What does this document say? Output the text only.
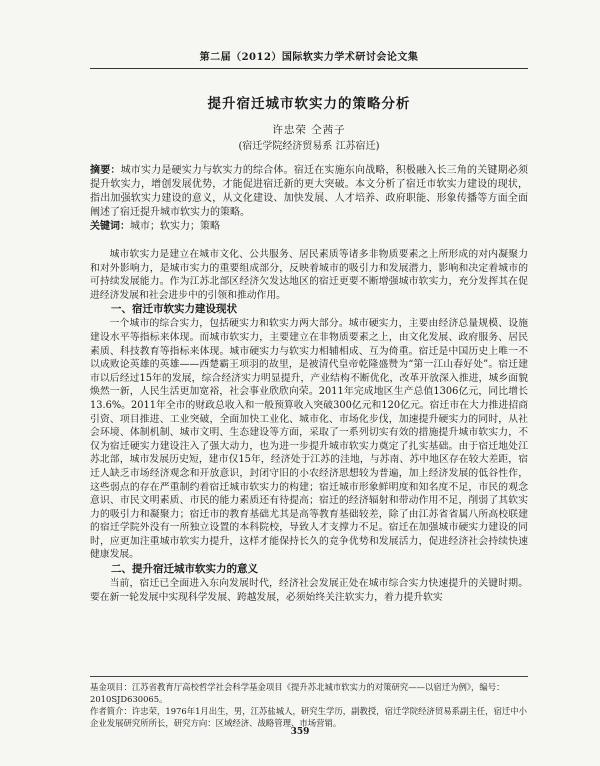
第二届（2012）国际软实力学术研讨会论文集
提升宿迁城市软实力的策略分析
许忠荣 仝茜子
(宿迁学院经济贸易系 江苏宿迁)
摘要：城市实力是硬实力与软实力的综合体。宿迁在实施东向战略，积极融入长三角的关键期必须提升软实力，增创发展优势，才能促进宿迁新的更大突破。本文分析了宿迁市软实力建设的现状，指出加强软实力建设的意义，从文化建设、加快发展、人才培养、政府职能、形象传播等方面全面阐述了宿迁提升城市软实力的策略。
关键词：城市；软实力；策略

城市软实力是建立在城市文化、公共服务、居民素质等诸多非物质要素之上所形成的对内凝聚力和对外影响力，是城市实力的重要组成部分，反映着城市的吸引力和发展潜力，影响和决定着城市的可持续发展能力。作为江苏北部区经济欠发达地区的宿迁更要不断增强城市软实力，充分发挥其在促进经济发展和社会进步中的引领和推动作用。

一、宿迁市软实力建设现状

一个城市的综合实力，包括硬实力和软实力两大部分。城市硬实力，主要由经济总量规模、设施建设水平等指标来体现。而城市软实力，主要建立在非物质要素之上，由文化发展、政府服务、居民素质、科技教育等指标来体现。城市硬实力与软实力相辅相成、互为倚重。宿迁是中国历史上唯一不以成败论英雄的英雄——西楚霸王项羽的故里，是被清代皇帝乾隆盛赞为“第一江山春好处”。宿迁建市以后经过15年的发展，综合经济实力明显提升，产业结构不断优化，改革开放深入推进，城乡面貌焕然一新，人民生活更加宽裕，社会事业欣欣向荣。2011年完成地区生产总值1306亿元，同比增长13.6%。2011年全市的财政总收入和一般预算收入突破300亿元和120亿元。宿迁市在大力推进招商引资、项目推进、工业突破，全面加快工业化、城市化、市场化步伐，加速提升硬实力的同时，从社会环境、体制机制、城市文明、生态建设等方面，采取了一系列切实有效的措施提升城市软实力，不仅为宿迁硬实力建设注入了强大动力，也为进一步提升城市软实力奠定了扎实基础。由于宿迁地处江苏北部，城市发展历史短，建市仅15年，经济处于江苏的洼地，与苏南、苏中地区存在较大差距，宿迁人缺乏市场经济观念和开放意识，封闭守旧的小农经济思想较为普遍，加上经济发展的低谷性作，这些弱点的存在严重制约着宿迁城市软实力的构建；宿迁城市形象鲜明度和知名度不足，市民的观念意识、市民文明素质、市民的能力素质还有待提高；宿迁的经济辐射和带动作用不足，削弱了其软实力的吸引力和凝聚力；宿迁市的教育基础尤其是高等教育基础较差，除了由江苏省省属八所高校联建的宿迁学院外没有一所独立设置的本科院校，导致人才支撑力不足。宿迁在加强城市硬实力建设的同时，应更加注重城市软实力提升，这样才能保持长久的竞争优势和发展活力，促进经济社会持续快速健康发展。

二、提升宿迁城市软实力的意义

当前，宿迁已全面进入东向发展时代，经济社会发展正处在城市综合实力快速提升的关键时期。要在新一轮发展中实现科学发展、跨越发展，必须始终关注软实力，着力提升软实

基金项目：江苏省教育厅高校哲学社会科学基金项目《提升苏北城市软实力的对策研究——以宿迁为例》，编号：2010SJD630065。

作者简介：许忠荣，1976年1月出生，男，江苏盐城人，研究生学历，副教授，宿迁学院经济贸易系副主任，宿迁中小企业发展研究所所长，研究方向：区域经济、战略管理、市场营销。

359
